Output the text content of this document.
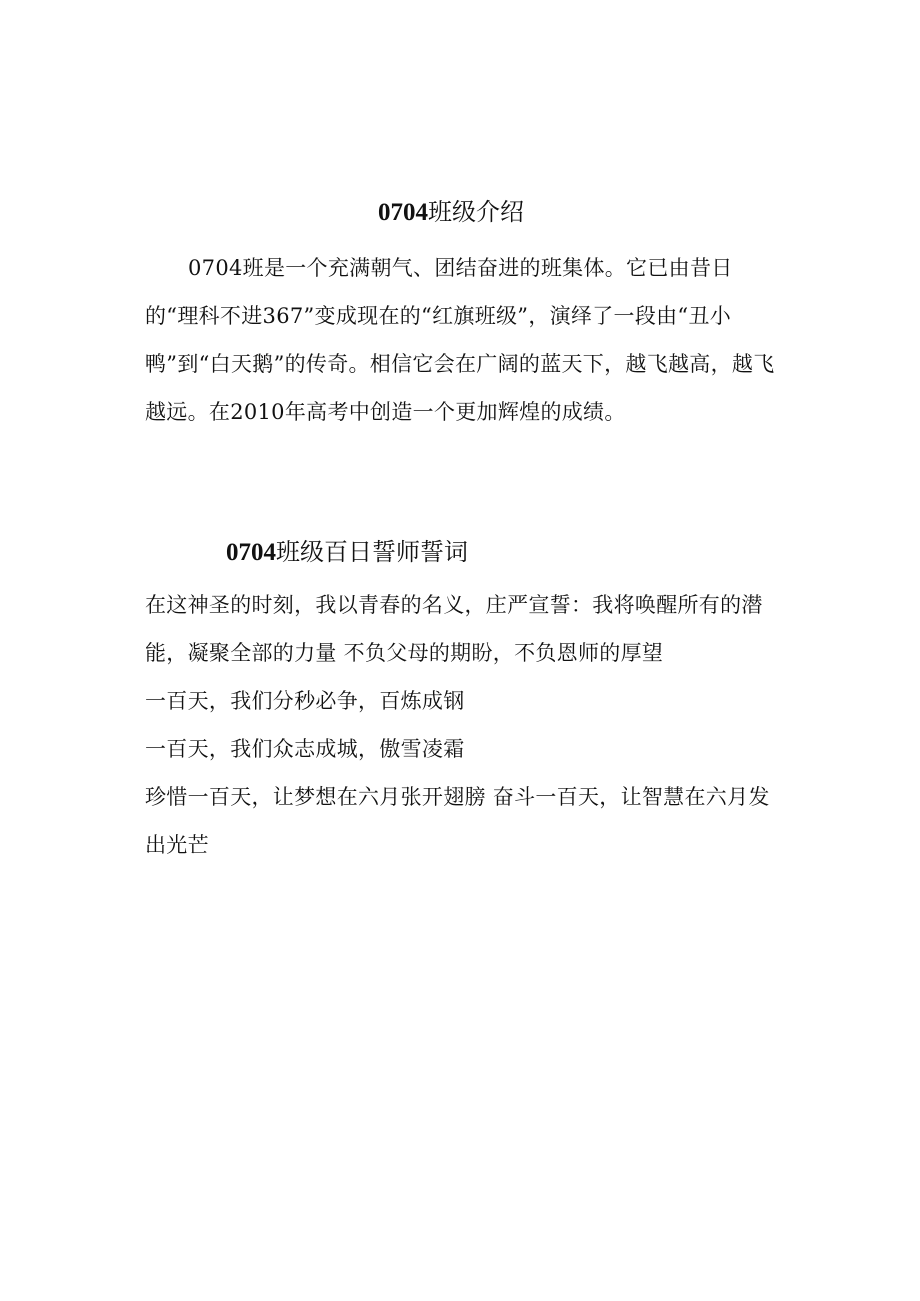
0704班级介绍

0704班是一个充满朝气、团结奋进的班集体。它已由昔日的“理科不进367”变成现在的“红旗班级”，演绎了一段由“丑小鸭”到“白天鹅”的传奇。相信它会在广阔的蓝天下，越飞越高，越飞越远。在2010年高考中创造一个更加辉煌的成绩。

0704班级百日誓师誓词

在这神圣的时刻，我以青春的名义，庄严宣誓：我将唤醒所有的潜能，凝聚全部的力量 不负父母的期盼，不负恩师的厚望

一百天，我们分秒必争，百炼成钢

一百天，我们众志成城，傲雪凌霜

珍惜一百天，让梦想在六月张开翅膀 奋斗一百天，让智慧在六月发出光芒
